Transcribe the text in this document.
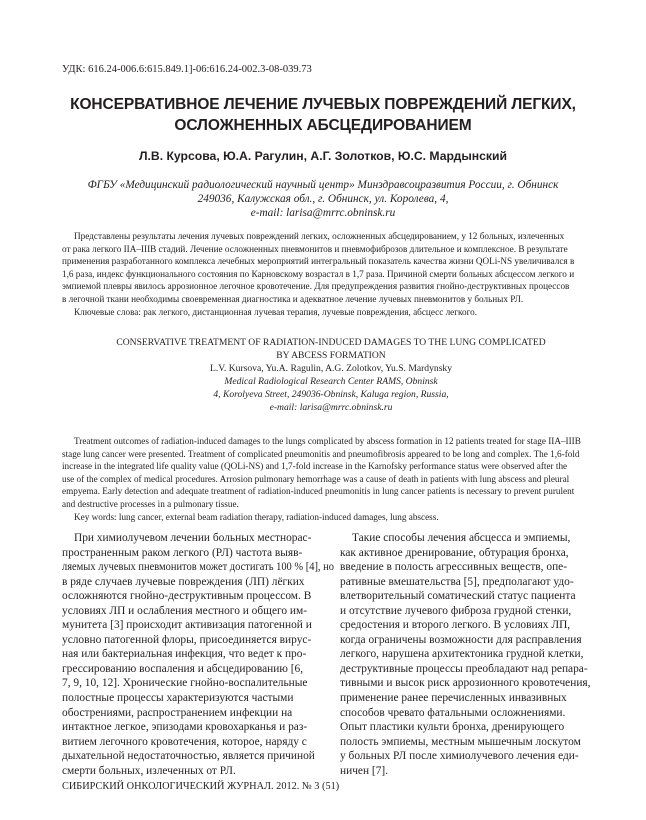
УДК: 616.24-006.6:615.849.1]-06:616.24-002.3-08-039.73
КОНСЕРВАТИВНОЕ ЛЕЧЕНИЕ ЛУЧЕВЫХ ПОВРЕЖДЕНИЙ ЛЕГКИХ,
ОСЛОЖНЕННЫХ АБСЦЕДИРОВАНИЕМ
Л.В. Курсова, Ю.А. Рагулин, А.Г. Золотков, Ю.С. Мардынский
ФГБУ «Медицинский радиологический научный центр» Минздравсоцразвития России, г. Обнинск
249036, Калужская обл., г. Обнинск, ул. Королева, 4,
e-mail: larisa@mrrc.obninsk.ru
Представлены результаты лечения лучевых повреждений легких, осложненных абсцедированием, у 12 больных, излеченных
от рака легкого IIA–IIIB стадий. Лечение осложненных пневмонитов и пневмофиброзов длительное и комплексное. В результате
применения разработанного комплекса лечебных мероприятий интегральный показатель качества жизни QOLi-NS увеличивался в
1,6 раза, индекс функционального состояния по Карновскому возрастал в 1,7 раза. Причиной смерти больных абсцессом легкого и
эмпиемой плевры явилось аррозионное легочное кровотечение. Для предупреждения развития гнойно-деструктивных процессов
в легочной ткани необходимы своевременная диагностика и адекватное лечение лучевых пневмонитов у больных РЛ.
Ключевые слова: рак легкого, дистанционная лучевая терапия, лучевые повреждения, абсцесс легкого.
CONSERVATIVE TREATMENT OF RADIATION-INDUCED DAMAGES TO THE LUNG COMPLICATED
BY ABCESS FORMATION
L.V. Kursova, Yu.A. Ragulin, A.G. Zolotkov, Yu.S. Mardynsky
Medical Radiological Research Center RAMS, Obninsk
4, Korolyeva Street, 249036-Obninsk, Kaluga region, Russia,
e-mail: larisa@mrrc.obninsk.ru
Treatment outcomes of radiation-induced damages to the lungs complicated by abscess formation in 12 patients treated for stage IIA–IIIB
stage lung cancer were presented. Treatment of complicated pneumonitis and pneumofibrosis appeared to be long and complex. The 1,6-fold
increase in the integrated life quality value (QOLi-NS) and 1,7-fold increase in the Karnofsky performance status were observed after the
use of the complex of medical procedures. Arrosion pulmonary hemorrhage was a cause of death in patients with lung abscess and pleural
empyema. Early detection and adequate treatment of radiation-induced pneumonitis in lung cancer patients is necessary to prevent purulent
and destructive processes in a pulmonary tissue.
Key words: lung cancer, external beam radiation therapy, radiation-induced damages, lung abscess.
При химиолучевом лечении больных местнорас-
пространенным раком легкого (РЛ) частота выяв-
ляемых лучевых пневмонитов может достигать 100 % [4], но
в ряде случаев лучевые повреждения (ЛП) лёгких
осложняются гнойно-деструктивным процессом. В
условиях ЛП и ослабления местного и общего им-
мунитета [3] происходит активизация патогенной и
условно патогенной флоры, присоединяется вирус-
ная или бактериальная инфекция, что ведет к про-
грессированию воспаления и абсцедированию [6,
7, 9, 10, 12]. Хронические гнойно-воспалительные
полостные процессы характеризуются частыми
обострениями, распространением инфекции на
интактное легкое, эпизодами кровохарканья и раз-
витием легочного кровотечения, которое, наряду с
дыхательной недостаточностью, является причиной
смерти больных, излеченных от РЛ.
Такие способы лечения абсцесса и эмпиемы,
как активное дренирование, обтурация бронха,
введение в полость агрессивных веществ, опе-
ративные вмешательства [5], предполагают удо-
влетворительный соматический статус пациента
и отсутствие лучевого фиброза грудной стенки,
средостения и второго легкого. В условиях ЛП,
когда ограничены возможности для расправления
легкого, нарушена архитектоника грудной клетки,
деструктивные процессы преобладают над репара-
тивными и высок риск аррозионного кровотечения,
применение ранее перечисленных инвазивных
способов чревато фатальными осложнениями.
Опыт пластики культи бронха, дренирующего
полость эмпиемы, местным мышечным лоскутом
у больных РЛ после химиолучевого лечения еди-
ничен [7].
СИБИРСКИЙ ОНКОЛОГИЧЕСКИЙ ЖУРНАЛ. 2012. № 3 (51)
